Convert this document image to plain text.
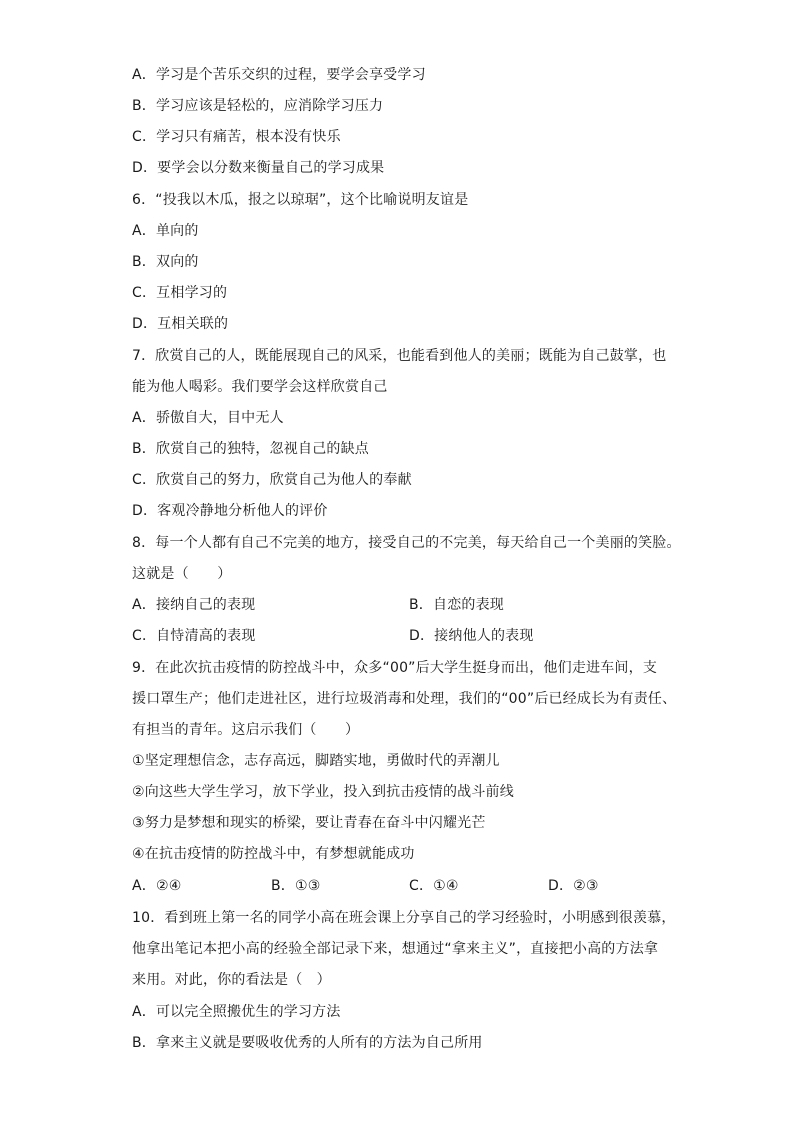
A．学习是个苦乐交织的过程，要学会享受学习
B．学习应该是轻松的，应消除学习压力
C．学习只有痛苦，根本没有快乐
D．要学会以分数来衡量自己的学习成果
6．“投我以木瓜，报之以琼琚”，这个比喻说明友谊是
A．单向的
B．双向的
C．互相学习的
D．互相关联的
7．欣赏自己的人，既能展现自己的风采，也能看到他人的美丽；既能为自己鼓掌，也
能为他人喝彩。我们要学会这样欣赏自己
A．骄傲自大，目中无人
B．欣赏自己的独特，忽视自己的缺点
C．欣赏自己的努力，欣赏自己为他人的奉献
D．客观冷静地分析他人的评价
8．每一个人都有自己不完美的地方，接受自己的不完美，每天给自己一个美丽的笑脸。
这就是（　　）
A．接纳自己的表现	B．自恋的表现
C．自恃清高的表现	D．接纳他人的表现
9．在此次抗击疫情的防控战斗中，众多“00”后大学生挺身而出，他们走进车间，支
援口罩生产；他们走进社区，进行垃圾消毒和处理，我们的“00”后已经成长为有责任、
有担当的青年。这启示我们（　　）
①坚定理想信念，志存高远，脚踏实地，勇做时代的弄潮儿
②向这些大学生学习，放下学业，投入到抗击疫情的战斗前线
③努力是梦想和现实的桥梁，要让青春在奋斗中闪耀光芒
④在抗击疫情的防控战斗中，有梦想就能成功
A．②④	B．①③	C．①④	D．②③
10．看到班上第一名的同学小高在班会课上分享自己的学习经验时，小明感到很羡慕，
他拿出笔记本把小高的经验全部记录下来，想通过“拿来主义”，直接把小高的方法拿
来用。对此，你的看法是（　）
A．可以完全照搬优生的学习方法
B．拿来主义就是要吸收优秀的人所有的方法为自己所用
